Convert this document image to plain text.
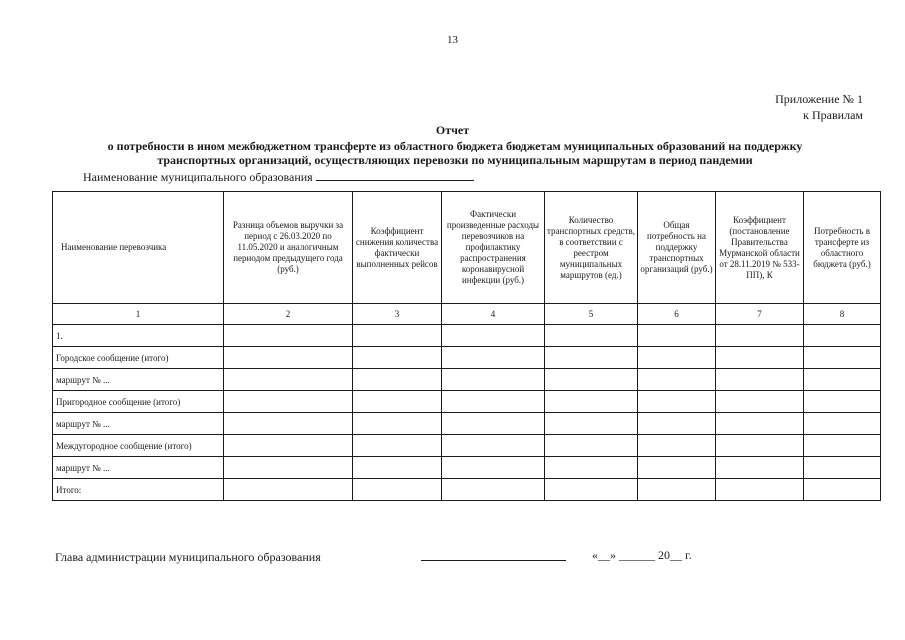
13
Приложение № 1
к Правилам
Отчет
о потребности в ином межбюджетном трансферте из областного бюджета бюджетам муниципальных образований на поддержку транспортных организаций, осуществляющих перевозки по муниципальным маршрутам в период пандемии
Наименование муниципального образования
Наименование перевозчика	Разница объемов выручки за период с 26.03.2020 по 11.05.2020 и аналогичным периодом предыдущего года (руб.)	Коэффициент снижения количества фактически выполненных рейсов	Фактически произведенные расходы перевозчиков на профилактику распространения коронавирусной инфекции (руб.)	Количество транспортных средств, в соответствии с реестром муниципальных маршрутов (ед.)	Общая потребность на поддержку транспортных организаций (руб.)	Коэффициент (постановление Правительства Мурманской области от 28.11.2019 № 533-ПП), К	Потребность в трансферте из областного бюджета (руб.)
1	2	3	4	5	6	7	8
1.							
Городское сообщение (итого)							
маршрут № ...							
Пригородное сообщение (итого)							
маршрут № ...							
Междугородное сообщение (итого)							
маршрут № ...							
Итого:							
Глава администрации муниципального образования	«__» ______ 20__ г.
